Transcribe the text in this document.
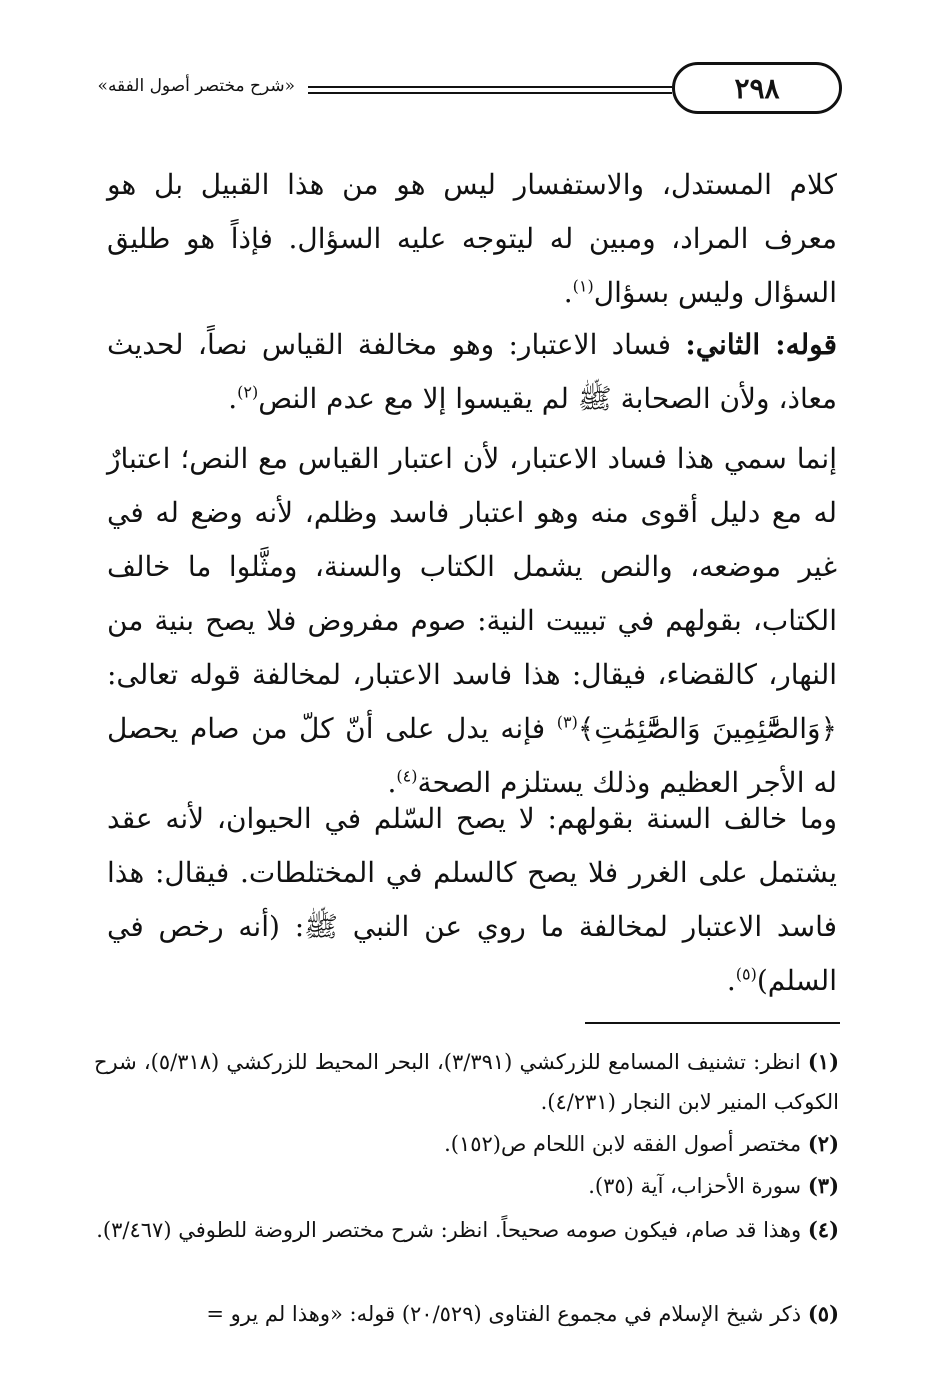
«شرح مختصر أصول الفقه»	٢٩٨

كلام المستدل، والاستفسار ليس هو من هذا القبيل بل هو معرف المراد، ومبين له ليتوجه عليه السؤال. فإذاً هو طليق السؤال وليس بسؤال$^{(١)}$.

قوله: الثاني: فساد الاعتبار: وهو مخالفة القياس نصاً، لحديث معاذ، ولأن الصحابة ﷺ لم يقيسوا إلا مع عدم النص$^{(٢)}$.

إنما سمي هذا فساد الاعتبار، لأن اعتبار القياس مع النص؛ اعتبارٌ له مع دليل أقوى منه وهو اعتبار فاسد وظلم، لأنه وضع له في غير موضعه، والنص يشمل الكتاب والسنة، ومثَّلوا ما خالف الكتاب، بقولهم في تبييت النية: صوم مفروض فلا يصح بنية من النهار، كالقضاء، فيقال: هذا فاسد الاعتبار، لمخالفة قوله تعالى: ﴿وَالصَّٰٓئِمِينَ وَالصَّٰٓئِمَٰتِ﴾$^{(٣)}$ فإنه يدل على أنّ كلّ من صام يحصل له الأجر العظيم وذلك يستلزم الصحة$^{(٤)}$.

وما خالف السنة بقولهم: لا يصح السّلم في الحيوان، لأنه عقد يشتمل على الغرر فلا يصح كالسلم في المختلطات. فيقال: هذا فاسد الاعتبار لمخالفة ما روي عن النبي ﷺ: (أنه رخص في السلم)$^{(٥)}$.

(١) انظر: تشنيف المسامع للزركشي (٣/٣٩١)، البحر المحيط للزركشي (٥/٣١٨)، شرح الكوكب المنير لابن النجار (٤/٢٣١).

(٢) مختصر أصول الفقه لابن اللحام ص(١٥٢).

(٣) سورة الأحزاب، آية (٣٥).

(٤) وهذا قد صام، فيكون صومه صحيحاً. انظر: شرح مختصر الروضة للطوفي (٣/٤٦٧).

(٥) ذكر شيخ الإسلام في مجموع الفتاوى (٢٠/٥٢٩) قوله: «وهذا لم يرو =
